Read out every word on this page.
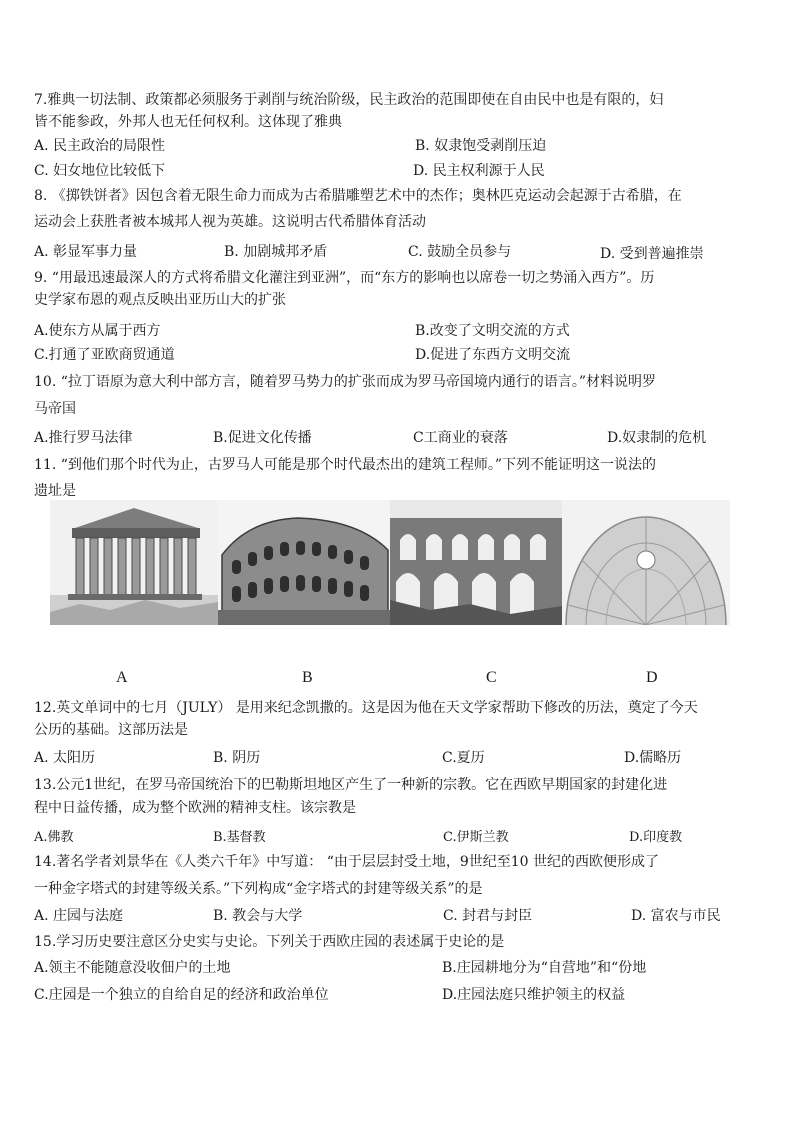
7.雅典一切法制、政策都必须服务于剥削与统治阶级，民主政治的范围即使在自由民中也是有限的，妇
皆不能参政，外邦人也无任何权利。这体现了雅典
A. 民主政治的局限性	B. 奴隶饱受剥削压迫
C. 妇女地位比较低下	D. 民主权利源于人民
8. 《掷铁饼者》因包含着无限生命力而成为古希腊雕塑艺术中的杰作；奥林匹克运动会起源于古希腊，在
运动会上获胜者被本城邦人视为英雄。这说明古代希腊体育活动
A. 彰显军事力量	B. 加剧城邦矛盾	C. 鼓励全员参与	D. 受到普遍推崇
9. “用最迅速最深人的方式将希腊文化灌注到亚洲”，而“东方的影响也以席卷一切之势涌入西方”。历
史学家布恩的观点反映出亚历山大的扩张
A.使东方从属于西方	B.改变了文明交流的方式
C.打通了亚欧商贸通道	D.促进了东西方文明交流
10. “拉丁语原为意大利中部方言，随着罗马势力的扩张而成为罗马帝国境内通行的语言。”材料说明罗
马帝国
A.推行罗马法律	B.促进文化传播	C工商业的衰落	D.奴隶制的危机
11. “到他们那个时代为止，古罗马人可能是那个时代最杰出的建筑工程师。”下列不能证明这一说法的
遗址是
A	B	C	D
12.英文单词中的七月（JULY） 是用来纪念凯撒的。这是因为他在天文学家帮助下修改的历法，奠定了今天
公历的基础。这部历法是
A. 太阳历	B. 阴历	C.夏历	D.儒略历
13.公元1世纪，在罗马帝国统治下的巴勒斯坦地区产生了一种新的宗教。它在西欧早期国家的封建化进
程中日益传播，成为整个欧洲的精神支柱。该宗教是
A.佛教	B.基督教	C.伊斯兰教	D.印度教
14.著名学者刘景华在《人类六千年》中写道： “由于层层封受土地，9世纪至10 世纪的西欧便形成了
一种金字塔式的封建等级关系。”下列构成“金字塔式的封建等级关系”的是
A. 庄园与法庭	B. 教会与大学	C. 封君与封臣	D. 富农与市民
15.学习历史要注意区分史实与史论。下列关于西欧庄园的表述属于史论的是
A.领主不能随意没收佃户的土地	B.庄园耕地分为“自营地”和“份地
C.庄园是一个独立的自给自足的经济和政治单位	D.庄园法庭只维护领主的权益
